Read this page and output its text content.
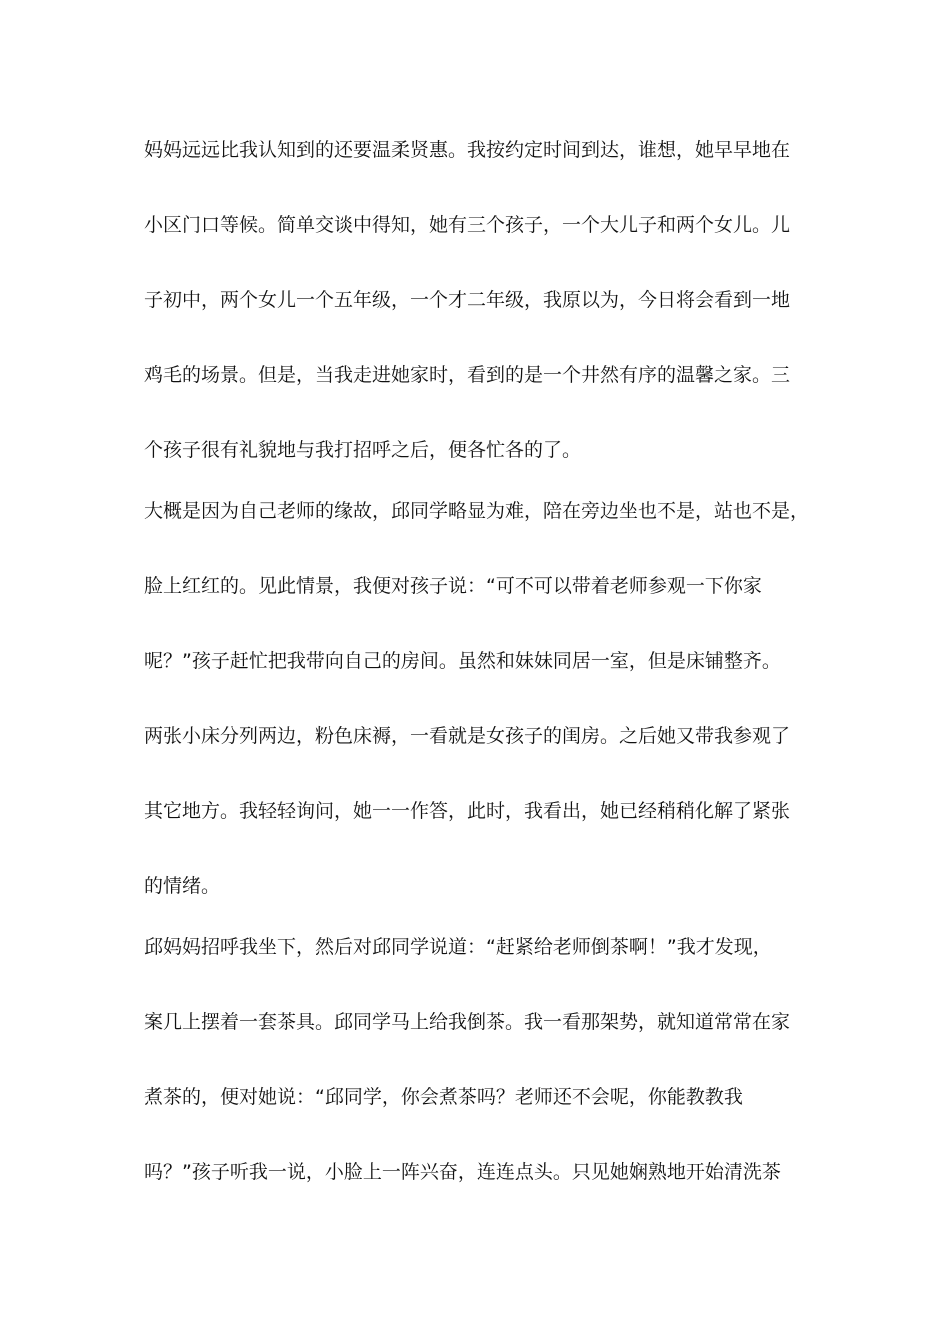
妈妈远远比我认知到的还要温柔贤惠。我按约定时间到达，谁想，她早早地在
小区门口等候。简单交谈中得知，她有三个孩子，一个大儿子和两个女儿。儿
子初中，两个女儿一个五年级，一个才二年级，我原以为，今日将会看到一地
鸡毛的场景。但是，当我走进她家时，看到的是一个井然有序的温馨之家。三
个孩子很有礼貌地与我打招呼之后，便各忙各的了。
大概是因为自己老师的缘故，邱同学略显为难，陪在旁边坐也不是，站也不是，
脸上红红的。见此情景，我便对孩子说：“可不可以带着老师参观一下你家
呢？”孩子赶忙把我带向自己的房间。虽然和妹妹同居一室，但是床铺整齐。
两张小床分列两边，粉色床褥，一看就是女孩子的闺房。之后她又带我参观了
其它地方。我轻轻询问，她一一作答，此时，我看出，她已经稍稍化解了紧张
的情绪。
邱妈妈招呼我坐下，然后对邱同学说道：“赶紧给老师倒茶啊！”我才发现，
案几上摆着一套茶具。邱同学马上给我倒茶。我一看那架势，就知道常常在家
煮茶的，便对她说：“邱同学，你会煮茶吗？老师还不会呢，你能教教我
吗？”孩子听我一说，小脸上一阵兴奋，连连点头。只见她娴熟地开始清洗茶
